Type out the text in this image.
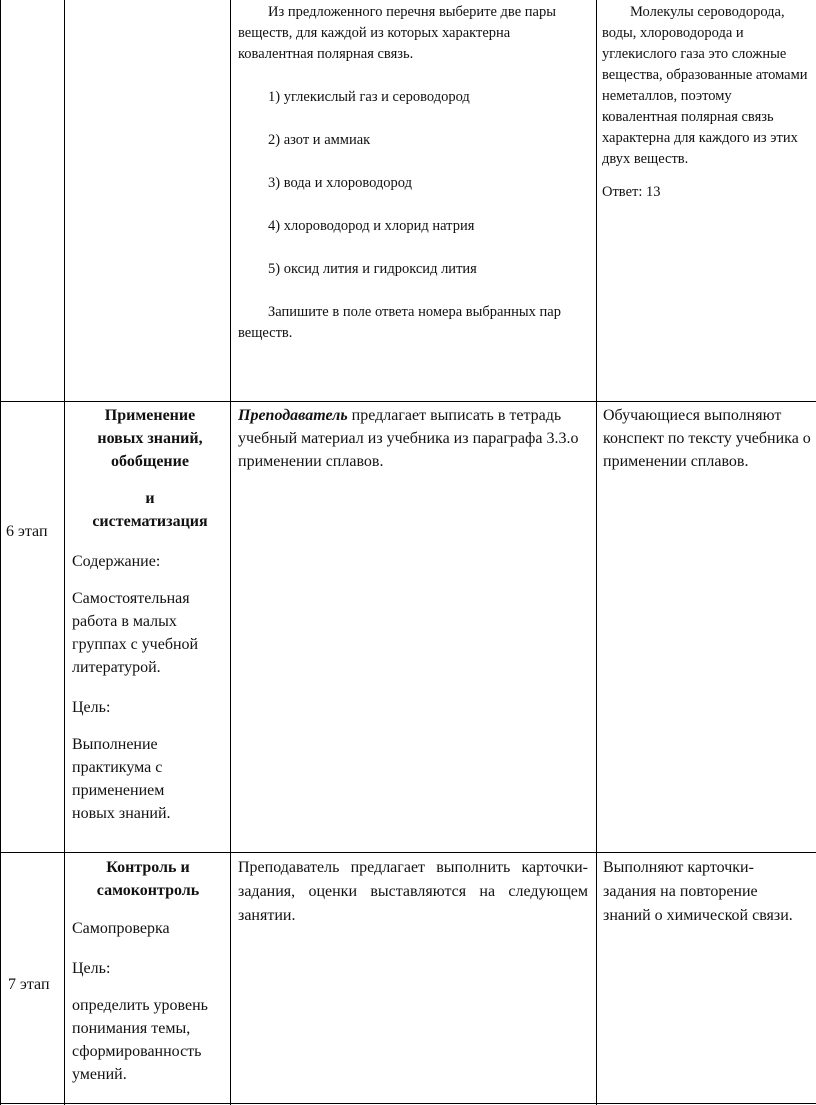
Из предложенного перечня выберите две пары веществ, для каждой из которых характерна ковалентная полярная связь.

1) углекислый газ и сероводород

2) азот и аммиак

3) вода и хлороводород

4) хлороводород и хлорид натрия

5) оксид лития и гидроксид лития

Запишите в поле ответа номера выбранных пар веществ.

Молекулы сероводорода, воды, хлороводорода и углекислого газа это сложные вещества, образованные атомами неметаллов, поэтому ковалентная полярная связь характерна для каждого из этих двух веществ.

Ответ: 13

6 этап

Применение новых знаний, обобщение

и

систематизация

Содержание:

Самостоятельная работа в малых группах с учебной литературой.

Цель:

Выполнение практикума с применением новых знаний.

Преподаватель предлагает выписать в тетрадь учебный материал из учебника из параграфа 3.3.о применении сплавов.

Обучающиеся выполняют конспект по тексту учебника о применении сплавов.

7 этап

Контроль и самоконтроль

Самопроверка

Цель:

определить уровень понимания темы, сформированность умений.

Преподаватель предлагает выполнить карточки- задания, оценки выставляются на следующем занятии.

Выполняют карточки- задания на повторение знаний о химической связи.
